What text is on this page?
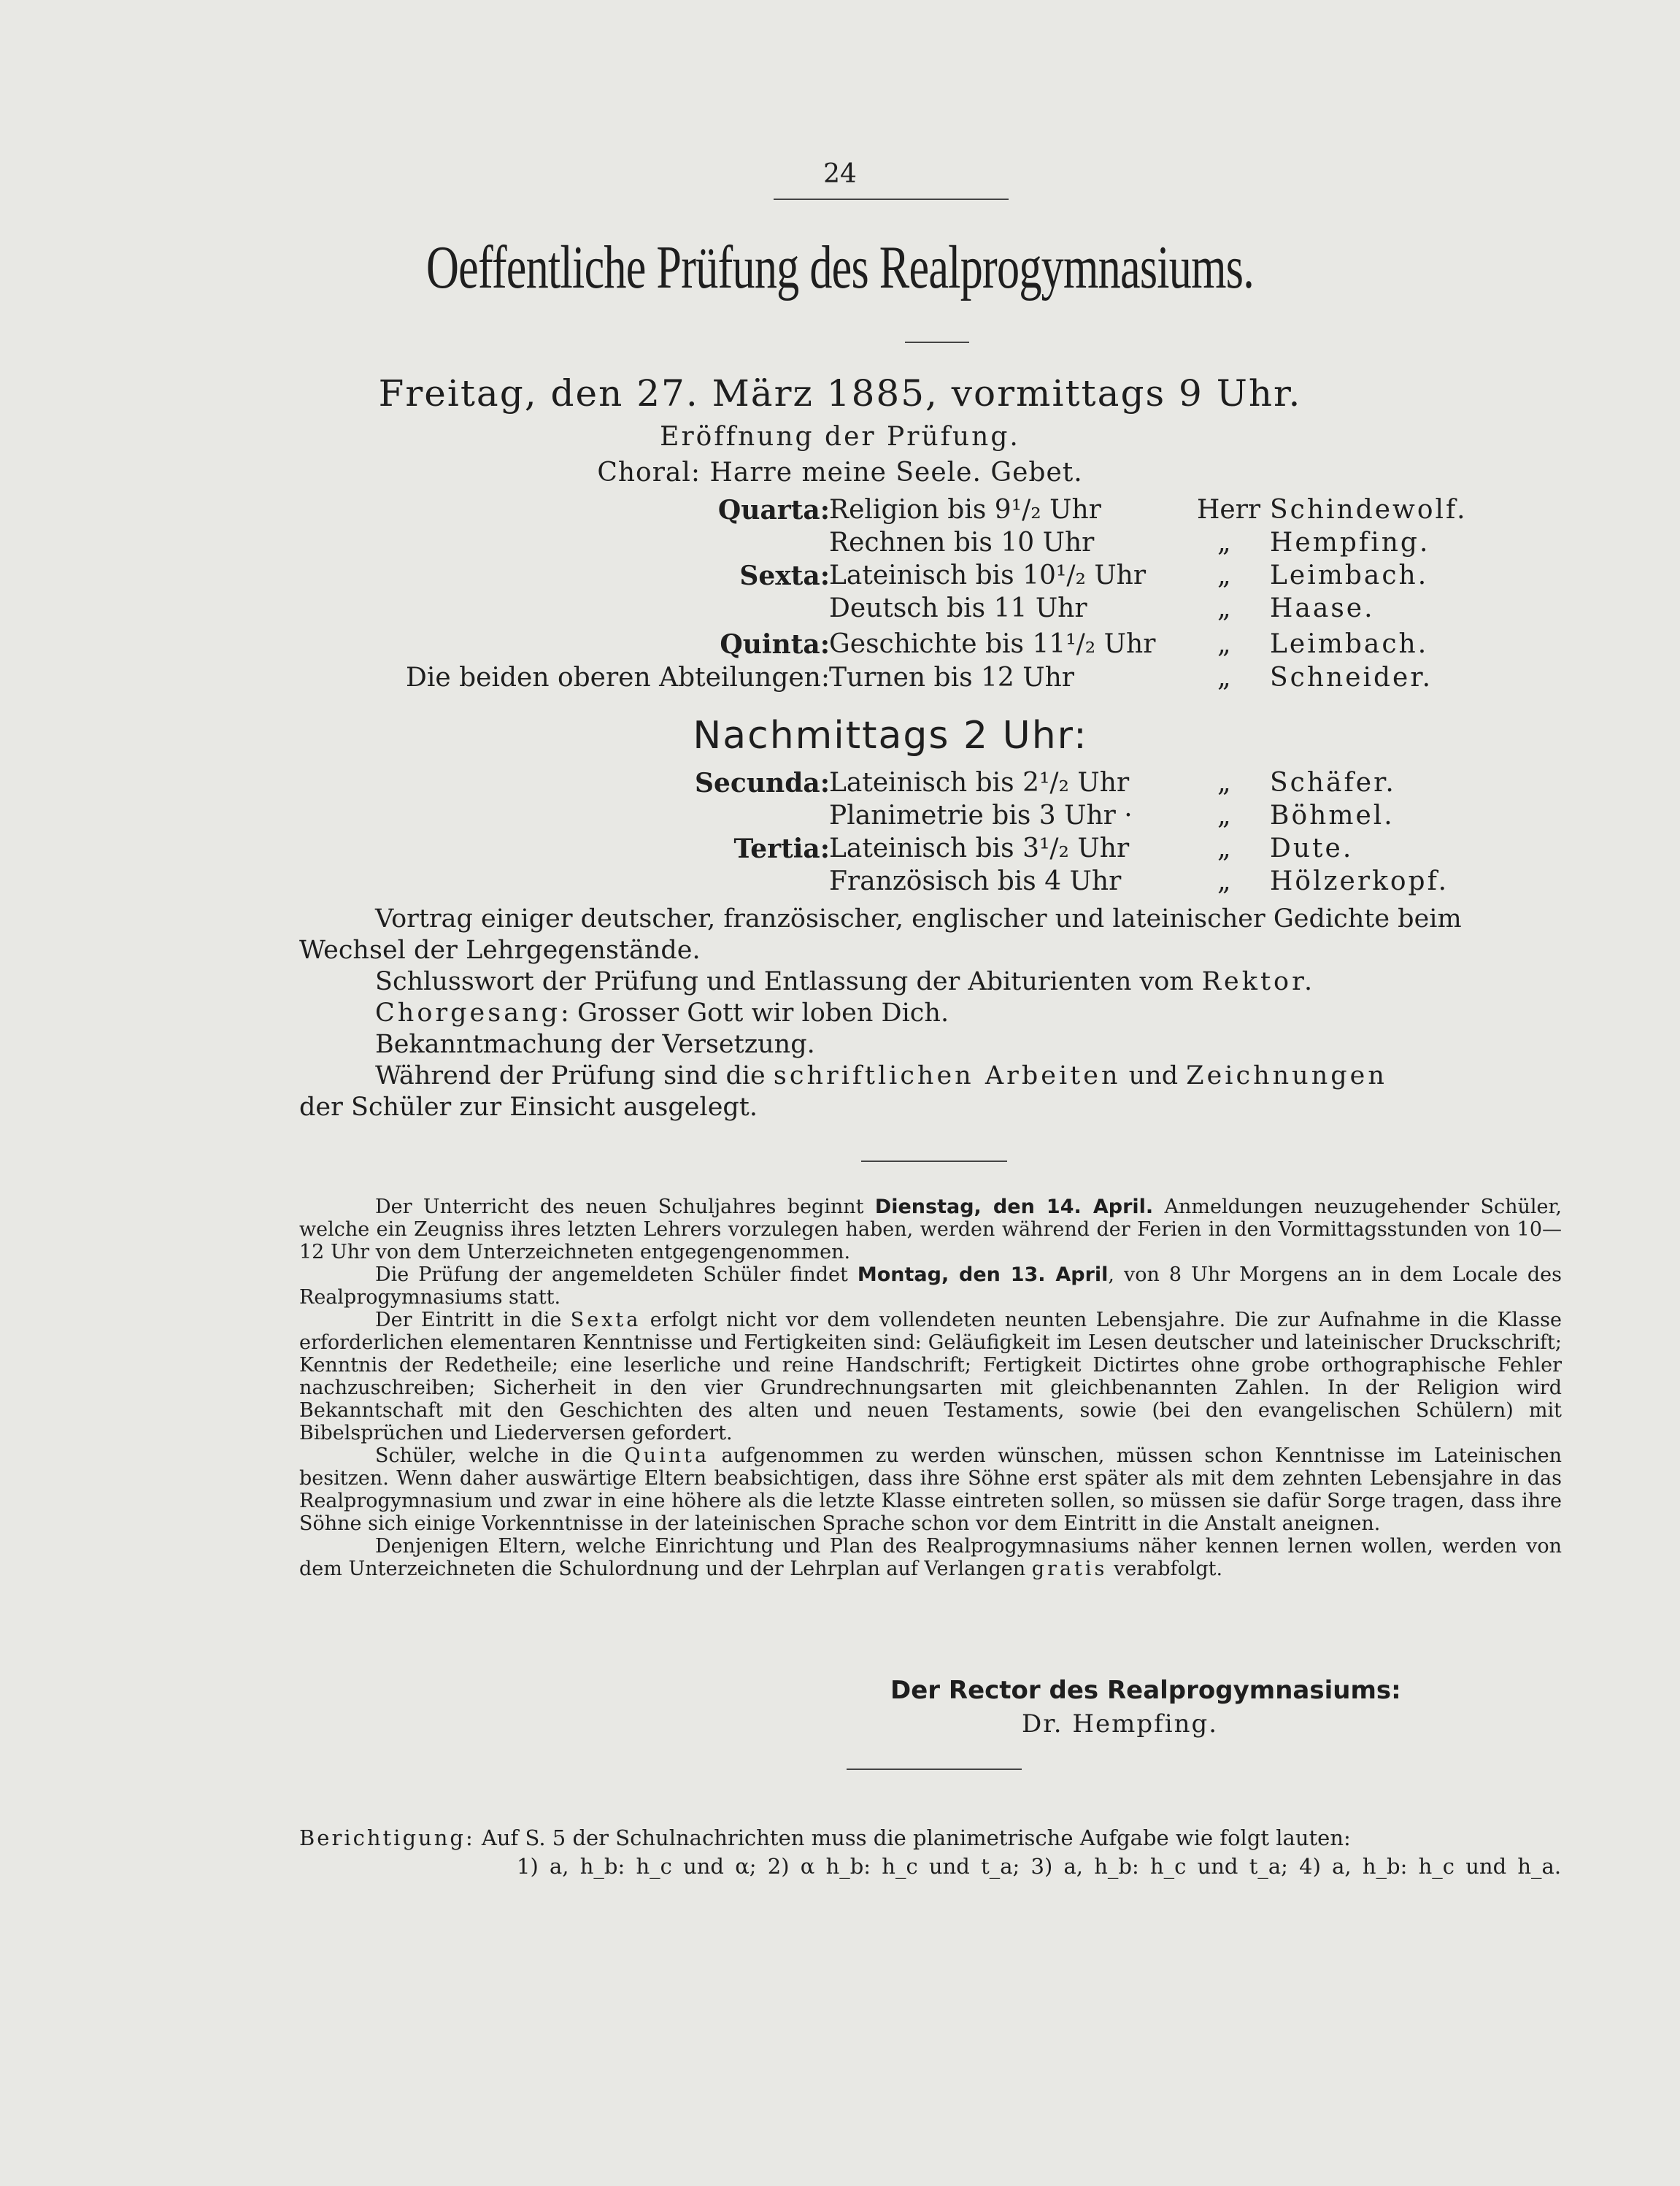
24
Oeffentliche Prüfung des Realprogymnasiums.
Freitag, den 27. März 1885, vormittags 9 Uhr.
Eröffnung der Prüfung.
Choral: Harre meine Seele. Gebet.
Quarta: Religion bis 9¹/₂ Uhr	Herr Schindewolf.
Rechnen bis 10 Uhr	„ Hempfing.
Sexta: Lateinisch bis 10¹/₂ Uhr	„ Leimbach.
Deutsch bis 11 Uhr	„ Haase.
Quinta: Geschichte bis 11¹/₂ Uhr „ Leimbach.
Die beiden oberen Abteilungen: Turnen bis 12 Uhr	„ Schneider.
Nachmittags 2 Uhr:
Secunda: Lateinisch bis 2¹/₂ Uhr	„ Schäfer.
Planimetrie bis 3 Uhr ·	„ Böhmel.
Tertia: Lateinisch bis 3¹/₂ Uhr	„ Dute.
Französisch bis 4 Uhr	„ Hölzerkopf.
Vortrag einiger deutscher, französischer, englischer und lateinischer Gedichte beim
Wechsel der Lehrgegenstände.
Schlusswort der Prüfung und Entlassung der Abiturienten vom Rektor.
Chorgesang: Grosser Gott wir loben Dich.
Bekanntmachung der Versetzung.
Während der Prüfung sind die schriftlichen Arbeiten und Zeichnungen
der Schüler zur Einsicht ausgelegt.

Der Unterricht des neuen Schuljahres beginnt Dienstag, den 14. April. Anmeldungen neuzugehender Schüler, welche ein Zeugniss ihres letzten Lehrers vorzulegen haben, werden während der Ferien in den Vormittagsstunden von 10—12 Uhr von dem Unterzeichneten entgegengenommen.

Die Prüfung der angemeldeten Schüler findet Montag, den 13. April, von 8 Uhr Morgens an in dem Locale des Realprogymnasiums statt.

Der Eintritt in die Sexta erfolgt nicht vor dem vollendeten neunten Lebensjahre. Die zur Aufnahme in die Klasse erforderlichen elementaren Kenntnisse und Fertigkeiten sind: Geläufigkeit im Lesen deutscher und lateinischer Druckschrift; Kenntnis der Redetheile; eine leserliche und reine Handschrift; Fertigkeit Dictirtes ohne grobe orthographische Fehler nachzuschreiben; Sicherheit in den vier Grundrechnungsarten mit gleichbenannten Zahlen. In der Religion wird Bekanntschaft mit den Geschichten des alten und neuen Testaments, sowie (bei den evangelischen Schülern) mit Bibelsprüchen und Liederversen gefordert.

Schüler, welche in die Quinta aufgenommen zu werden wünschen, müssen schon Kenntnisse im Lateinischen besitzen. Wenn daher auswärtige Eltern beabsichtigen, dass ihre Söhne erst später als mit dem zehnten Lebensjahre in das Realprogymnasium und zwar in eine höhere als die letzte Klasse eintreten sollen, so müssen sie dafür Sorge tragen, dass ihre Söhne sich einige Vorkenntnisse in der lateinischen Sprache schon vor dem Eintritt in die Anstalt aneignen.

Denjenigen Eltern, welche Einrichtung und Plan des Realprogymnasiums näher kennen lernen wollen, werden von dem Unterzeichneten die Schulordnung und der Lehrplan auf Verlangen gratis verabfolgt.

Der Rector des Realprogymnasiums:
Dr. Hempfing.
Berichtigung: Auf S. 5 der Schulnachrichten muss die planimetrische Aufgabe wie folgt lauten:
1) a, h_b: h_c und α; 2) α h_b: h_c und t_a; 3) a, h_b: h_c und t_a; 4) a, h_b: h_c und h_a.
